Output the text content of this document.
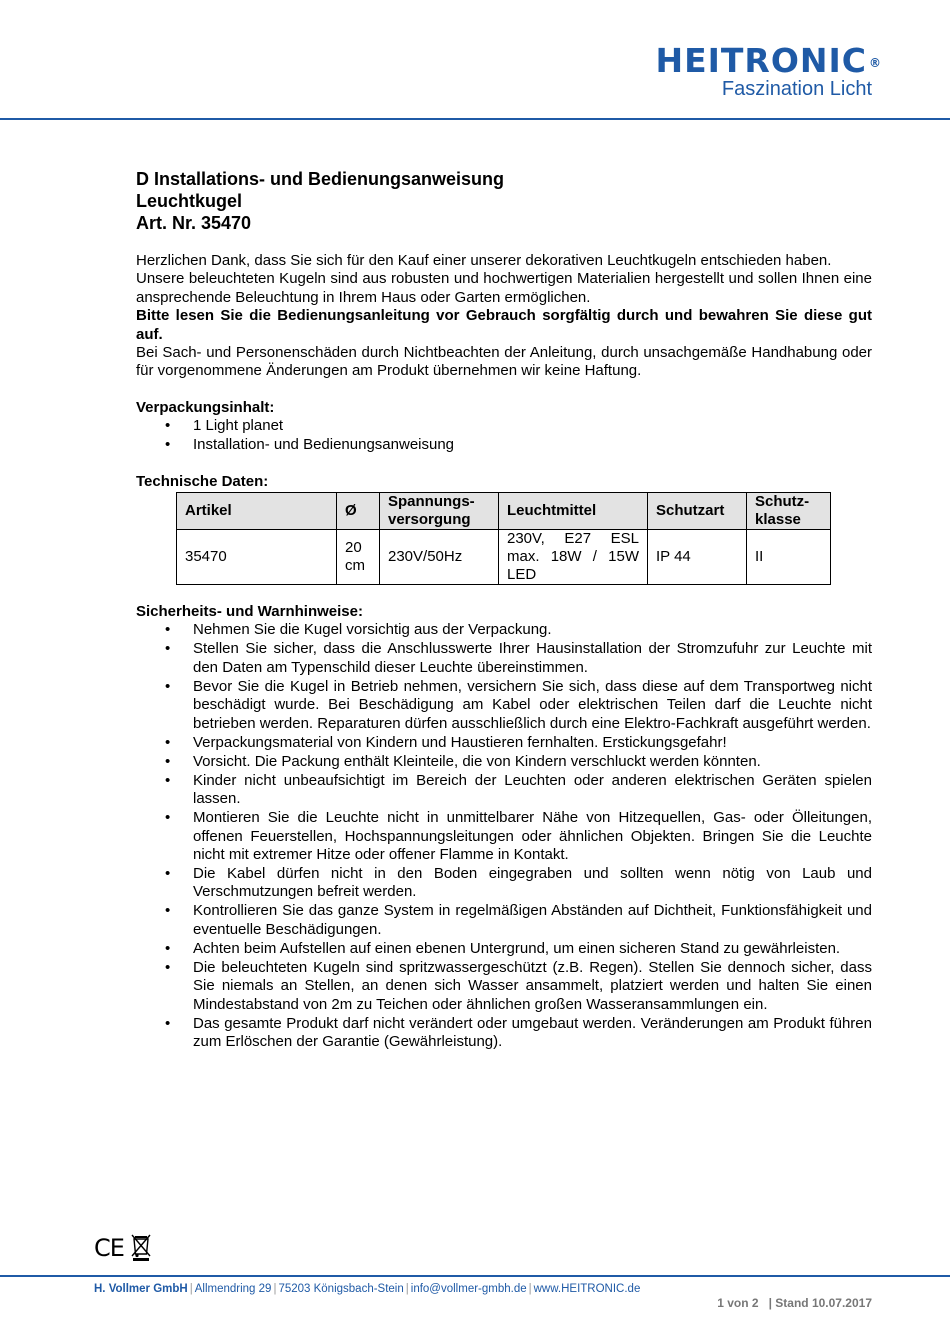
HEITRONIC ®
Faszination Licht
D Installations- und Bedienungsanweisung
Leuchtkugel
Art. Nr. 35470

Herzlichen Dank, dass Sie sich für den Kauf einer unserer dekorativen Leuchtkugeln entschieden haben.

Unsere beleuchteten Kugeln sind aus robusten und hochwertigen Materialien hergestellt und sollen Ihnen eine ansprechende Beleuchtung in Ihrem Haus oder Garten ermöglichen.

Bitte lesen Sie die Bedienungsanleitung vor Gebrauch sorgfältig durch und bewahren Sie diese gut auf.

Bei Sach- und Personenschäden durch Nichtbeachten der Anleitung, durch unsachgemäße Handhabung oder für vorgenommene Änderungen am Produkt übernehmen wir keine Haftung.

Verpackungsinhalt:
• 1 Light planet
• Installation- und Bedienungsanweisung
Technische Daten:
Artikel	Ø	Spannungs-versorgung	Leuchtmittel	Schutzart	Schutz-klasse
35470	20 cm	230V/50Hz	230V, E27 ESL max. 18W / 15W LED	IP 44	II
Sicherheits- und Warnhinweise:
• Nehmen Sie die Kugel vorsichtig aus der Verpackung.
• Stellen Sie sicher, dass die Anschlusswerte Ihrer Hausinstallation der Stromzufuhr zur Leuchte mit den Daten am Typenschild dieser Leuchte übereinstimmen.
• Bevor Sie die Kugel in Betrieb nehmen, versichern Sie sich, dass diese auf dem Transportweg nicht beschädigt wurde. Bei Beschädigung am Kabel oder elektrischen Teilen darf die Leuchte nicht betrieben werden. Reparaturen dürfen ausschließlich durch eine Elektro-Fachkraft ausgeführt werden.
• Verpackungsmaterial von Kindern und Haustieren fernhalten. Erstickungsgefahr!
• Vorsicht. Die Packung enthält Kleinteile, die von Kindern verschluckt werden könnten.
• Kinder nicht unbeaufsichtigt im Bereich der Leuchten oder anderen elektrischen Geräten spielen lassen.
• Montieren Sie die Leuchte nicht in unmittelbarer Nähe von Hitzequellen, Gas- oder Ölleitungen, offenen Feuerstellen, Hochspannungsleitungen oder ähnlichen Objekten. Bringen Sie die Leuchte nicht mit extremer Hitze oder offener Flamme in Kontakt.
• Die Kabel dürfen nicht in den Boden eingegraben und sollten wenn nötig von Laub und Verschmutzungen befreit werden.
• Kontrollieren Sie das ganze System in regelmäßigen Abständen auf Dichtheit, Funktionsfähigkeit und eventuelle Beschädigungen.
• Achten beim Aufstellen auf einen ebenen Untergrund, um einen sicheren Stand zu gewährleisten.
• Die beleuchteten Kugeln sind spritzwassergeschützt (z.B. Regen). Stellen Sie dennoch sicher, dass Sie niemals an Stellen, an denen sich Wasser ansammelt, platziert werden und halten Sie einen Mindestabstand von 2m zu Teichen oder ähnlichen großen Wasseransammlungen ein.
• Das gesamte Produkt darf nicht verändert oder umgebaut werden. Veränderungen am Produkt führen zum Erlöschen der Garantie (Gewährleistung).
CE
H. Vollmer GmbH | Allmendring 29 | 75203 Königsbach-Stein | info@vollmer-gmbh.de | www.HEITRONIC.de
1 von 2 | Stand 10.07.2017
